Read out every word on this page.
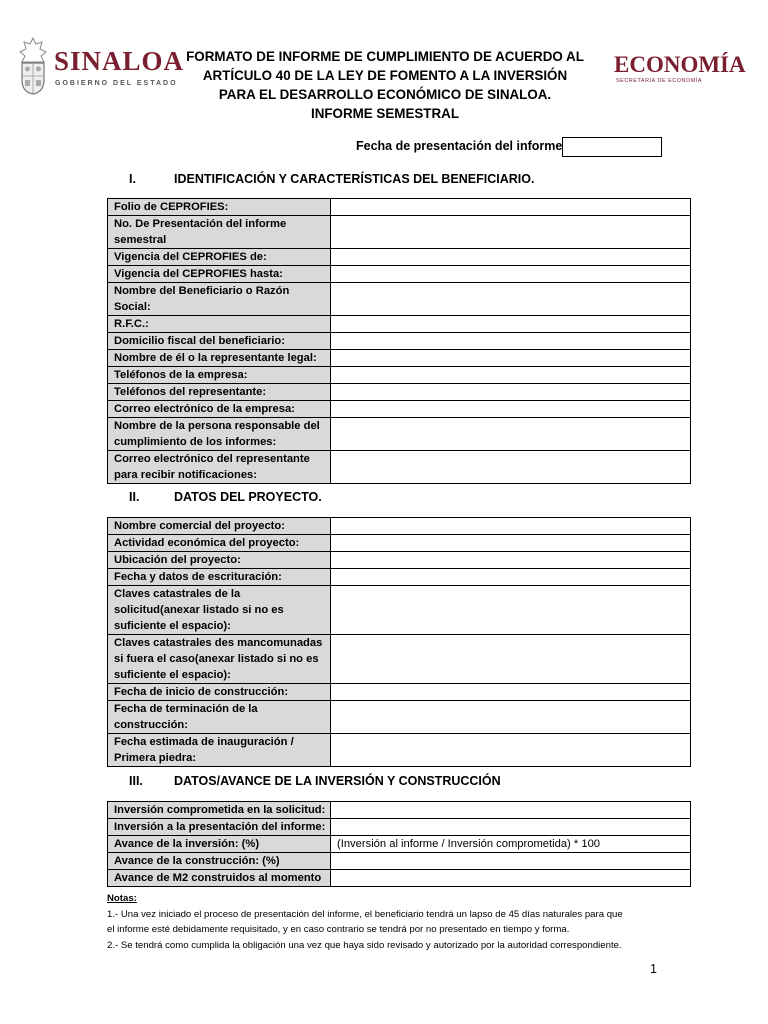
SINALOA
GOBIERNO DEL ESTADO
FORMATO DE INFORME DE CUMPLIMIENTO DE ACUERDO AL
ARTÍCULO 40 DE LA LEY DE FOMENTO A LA INVERSIÓN
PARA EL DESARROLLO ECONÓMICO DE SINALOA.
INFORME SEMESTRAL
ECONOMÍA
SECRETARÍA DE ECONOMÍA
Fecha de presentación del informe
I.	IDENTIFICACIÓN Y CARACTERÍSTICAS DEL BENEFICIARIO.
Folio de CEPROFIES:	
No. De Presentación del informe semestral	
Vigencia del CEPROFIES de:	
Vigencia del CEPROFIES hasta:	
Nombre del Beneficiario o Razón Social:	
R.F.C.:	
Domicilio fiscal del beneficiario:	
Nombre de él o la representante legal:	
Teléfonos de la empresa:	
Teléfonos del representante:	
Correo electrónico de la empresa:	
Nombre de la persona responsable del cumplimiento de los informes:	
Correo electrónico del representante para recibir notificaciones:	
II.	DATOS DEL PROYECTO.
Nombre comercial del proyecto:	
Actividad económica del proyecto:	
Ubicación del proyecto:	
Fecha y datos de escrituración:	
Claves catastrales de la solicitud(anexar listado si no es suficiente el espacio):	
Claves catastrales des mancomunadas si fuera el caso(anexar listado si no es suficiente el espacio):	
Fecha de inicio de construcción:	
Fecha de terminación de la construcción:	
Fecha estimada de inauguración / Primera piedra:	
III. DATOS/AVANCE DE LA INVERSIÓN Y CONSTRUCCIÓN
Inversión comprometida en la solicitud:	
Inversión a la presentación del informe:	
Avance de la inversión: (%)	(Inversión al informe / Inversión comprometida) * 100
Avance de la construcción: (%)	
Avance de M2 construidos al momento	
Notas:
1.- Una vez iniciado el proceso de presentación del informe, el beneficiario tendrá un lapso de 45 días naturales para que
el informe esté debidamente requisitado, y en caso contrario se tendrá por no presentado en tiempo y forma.
2.- Se tendrá como cumplida la obligación una vez que haya sido revisado y autorizado por la autoridad correspondiente.
1
